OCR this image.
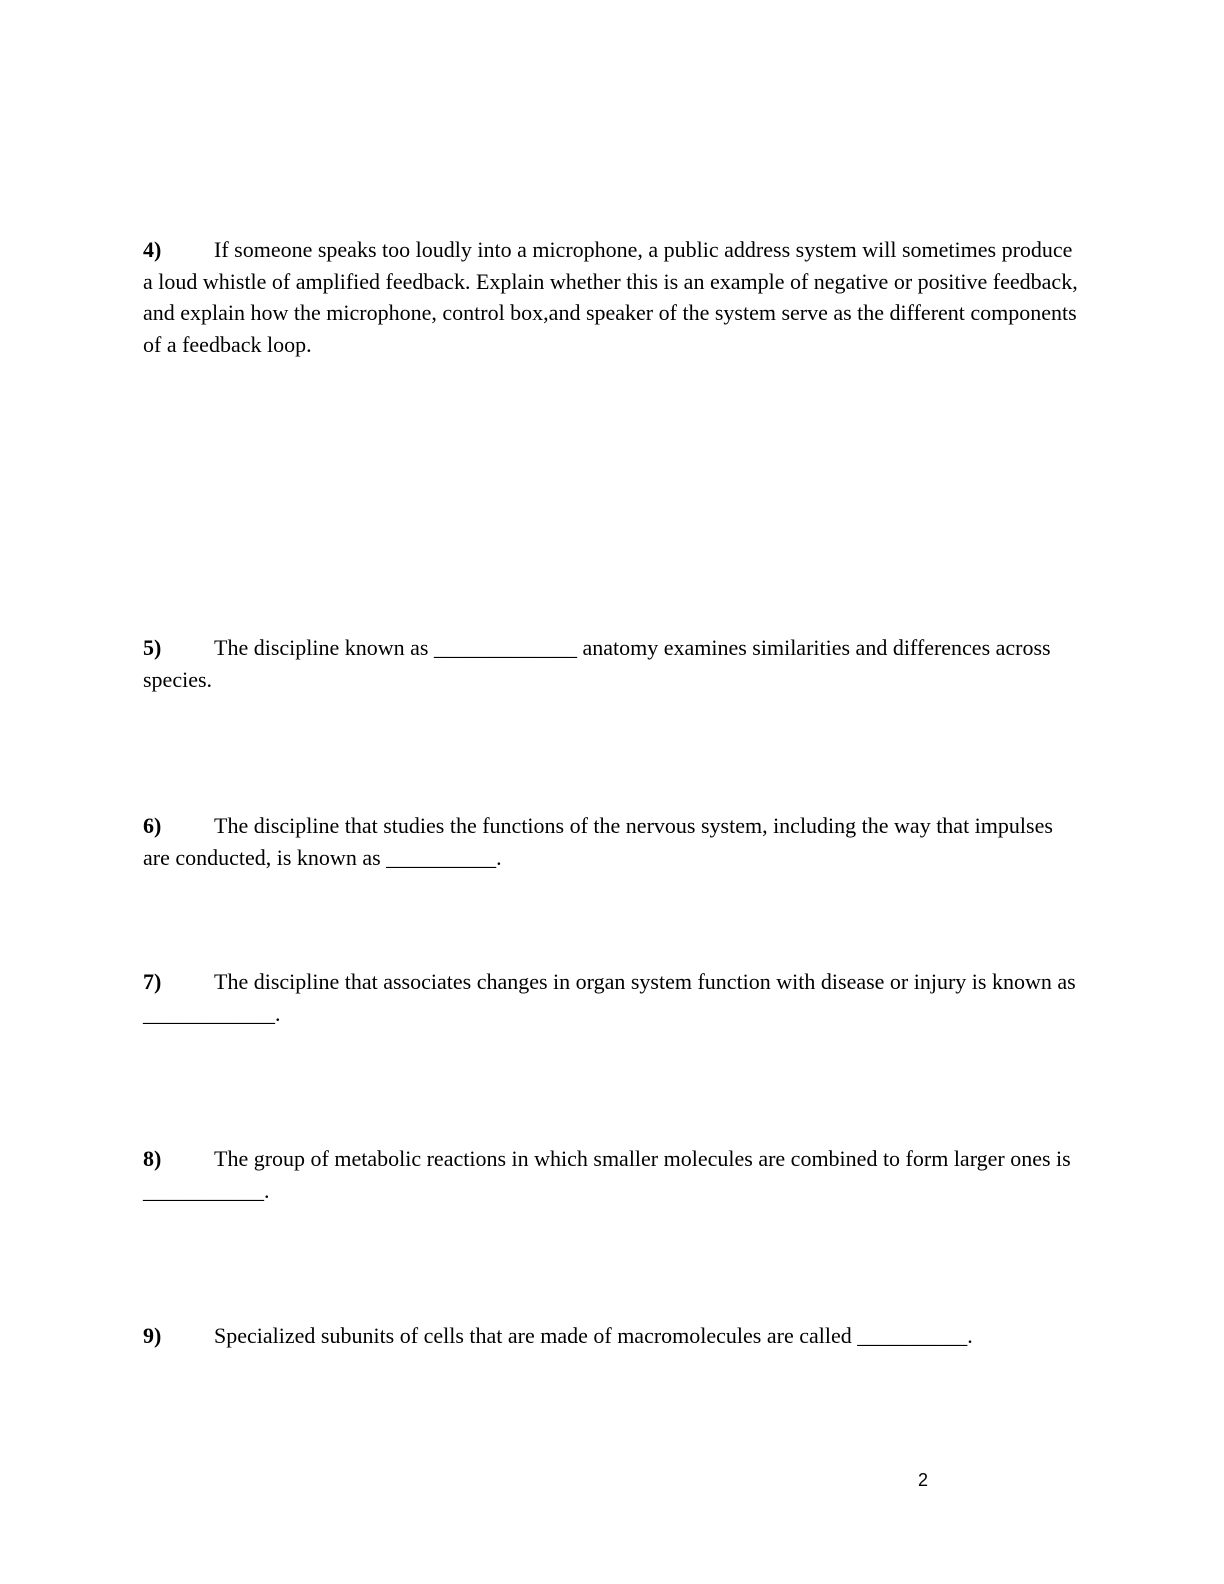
4) If someone speaks too loudly into a microphone, a public address system will sometimes produce a loud whistle of amplified feedback. Explain whether this is an example of negative or positive feedback, and explain how the microphone, control box,and speaker of the system serve as the different components of a feedback loop.

5) The discipline known as _____________ anatomy examines similarities and differences across species.

6) The discipline that studies the functions of the nervous system, including the way that impulses are conducted, is known as __________.

7) The discipline that associates changes in organ system function with disease or injury is known as ____________.

8) The group of metabolic reactions in which smaller molecules are combined to form larger ones is ___________.

9) Specialized subunits of cells that are made of macromolecules are called __________.

2
